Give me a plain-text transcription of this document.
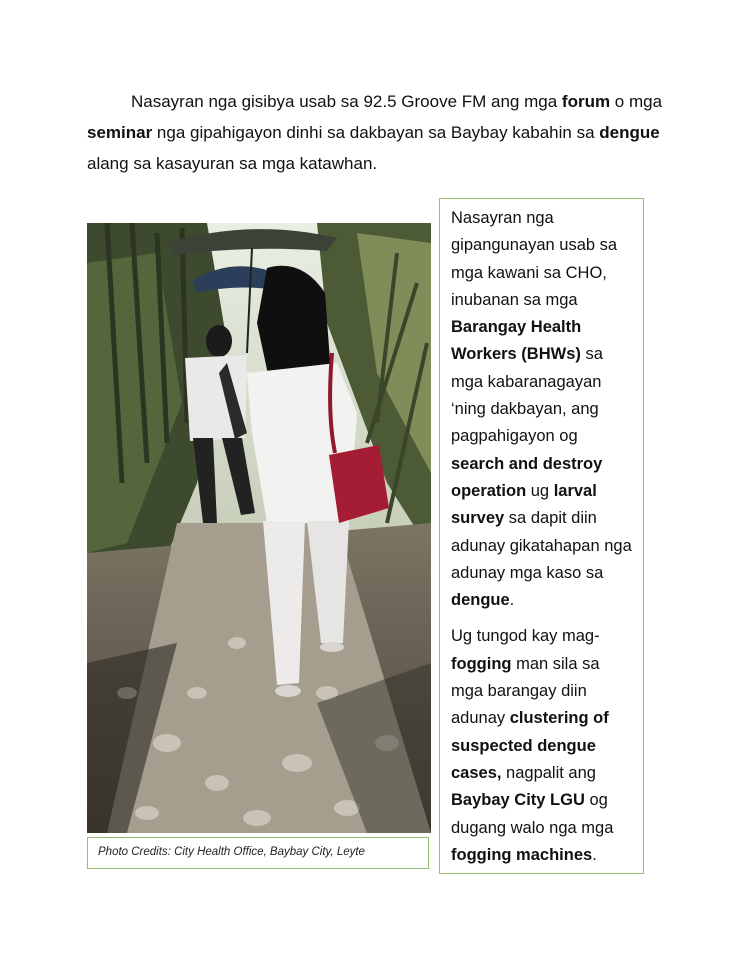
Nasayran nga gisibya usab sa 92.5 Groove FM ang mga forum o mga seminar nga gipahigayon dinhi sa dakbayan sa Baybay kabahin sa dengue alang sa kasayuran sa mga katawhan.

Photo Credits: City Health Office, Baybay City, Leyte

Nasayran nga gipangunayan usab sa mga kawani sa CHO, inubanan sa mga Barangay Health Workers (BHWs) sa mga kabaranagayan ‘ning dakbayan, ang pagpahigayon og search and destroy operation ug larval survey sa dapit diin adunay gikatahapan nga adunay mga kaso sa dengue.

Ug tungod kay mag-fogging man sila sa mga barangay diin adunay clustering of suspected dengue cases, nagpalit ang Baybay City LGU og dugang walo nga mga fogging machines.
